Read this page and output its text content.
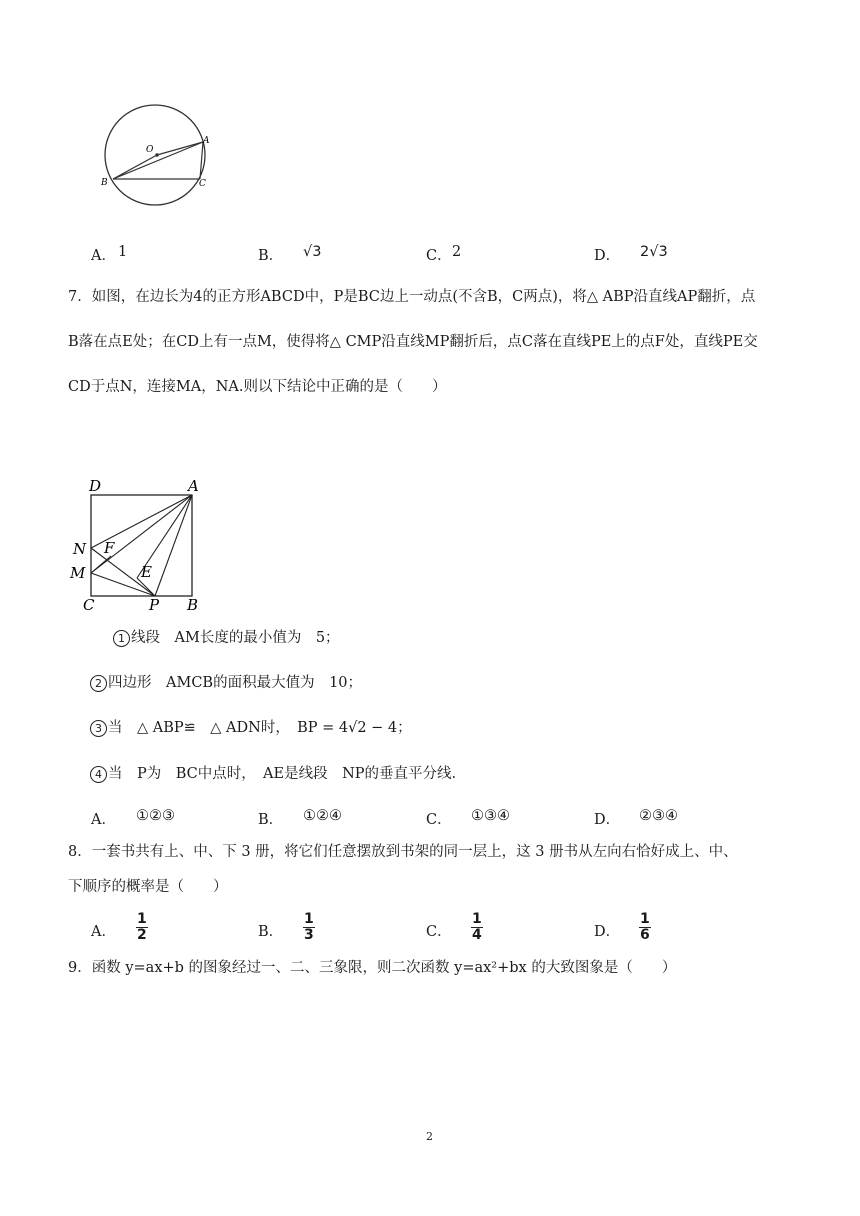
O
A
B	C
A． 1	B． √3	C． 2	D． 2√3
7．如图，在边长为4的正方形ABCD中，P是BC边上一动点(不含B，C两点)，将△ ABP沿直线AP翻折，点
B落在点E处；在CD上有一点M，使得将△ CMP沿直线MP翻折后，点C落在直线PE上的点F处，直线PE交
CD于点N，连接MA，NA.则以下结论中正确的是（　　）
D	A
N F
M	E
C	P B
1 线段　AM长度的最小值为　5；
2 四边形　AMCB的面积最大值为　10；
3 当　△ ABP≌　△ ADN时，　BP = 4√2 − 4；
4 当　P为　BC中点时，　AE是线段　NP的垂直平分线.
A． ①②③	B． ①②④	C． ①③④	D． ②③④
8．一套书共有上、中、下 3 册，将它们任意摆放到书架的同一层上，这 3 册书从左向右恰好成上、中、
下顺序的概率是（　　）
A． $\frac{1}{2}$	B． $\frac{1}{3}$	C． $\frac{1}{4}$	D． $\frac{1}{6}$
9．函数 y=ax+b 的图象经过一、二、三象限，则二次函数 y=ax²+bx 的大致图象是（　　）
2
